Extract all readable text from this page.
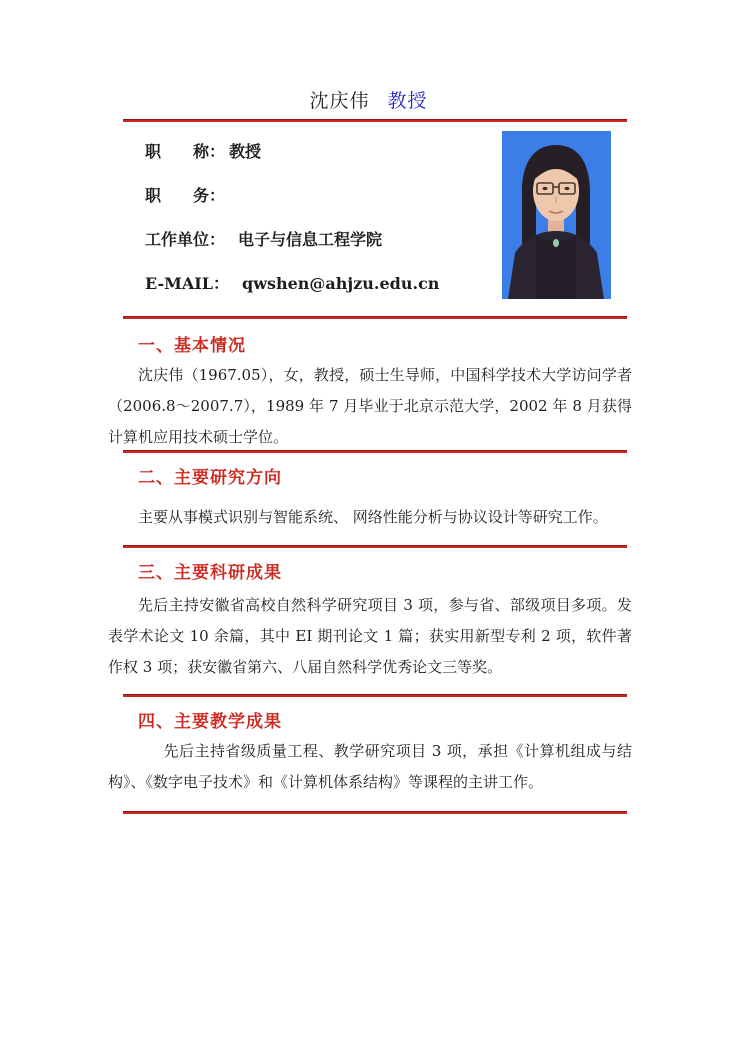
沈庆伟 教授
职　　称： 教授
职　　务：
工作单位： 电子与信息工程学院
E-MAIL： qwshen@ahjzu.edu.cn
一、基本情况

沈庆伟（1967.05），女，教授，硕士生导师，中国科学技术大学访问学者（2006.8～2007.7），1989 年 7 月毕业于北京示范大学，2002 年 8 月获得计算机应用技术硕士学位。

二、主要研究方向

主要从事模式识别与智能系统、 网络性能分析与协议设计等研究工作。

三、主要科研成果

先后主持安徽省高校自然科学研究项目 3 项，参与省、部级项目多项。发表学术论文 10 余篇，其中 EI 期刊论文 1 篇；获实用新型专利 2 项，软件著作权 3 项；获安徽省第六、八届自然科学优秀论文三等奖。

四、主要教学成果

先后主持省级质量工程、教学研究项目 3 项，承担《计算机组成与结构》、《数字电子技术》和《计算机体系结构》等课程的主讲工作。
